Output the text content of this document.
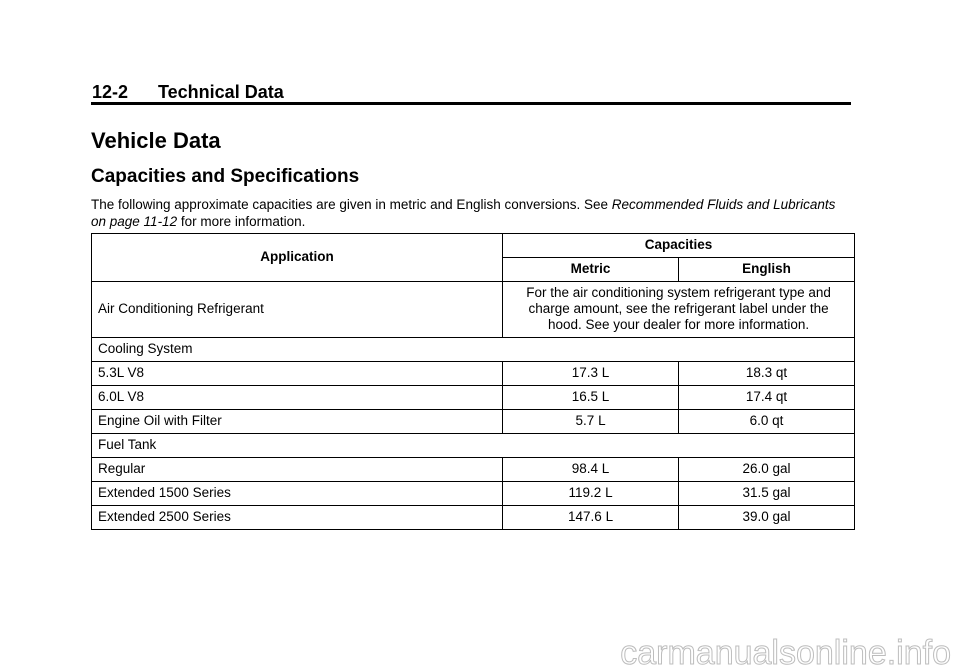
12-2 Technical Data
Vehicle Data
Capacities and Specifications

The following approximate capacities are given in metric and English conversions. See Recommended Fluids and Lubricants on page 11-12 for more information.

Application	Capacities	
	Metric	English
Air Conditioning Refrigerant	For the air conditioning system refrigerant type and
charge amount, see the refrigerant label under the
hood. See your dealer for more information.	

Cooling System		
5.3L V8	17.3 L	18.3 qt
6.0L V8	16.5 L	17.4 qt
Engine Oil with Filter	5.7 L	6.0 qt
Fuel Tank		
Regular	98.4 L	26.0 gal
Extended 1500 Series	119.2 L	31.5 gal
Extended 2500 Series	147.6 L	39.0 gal
carmanualsonline.info
